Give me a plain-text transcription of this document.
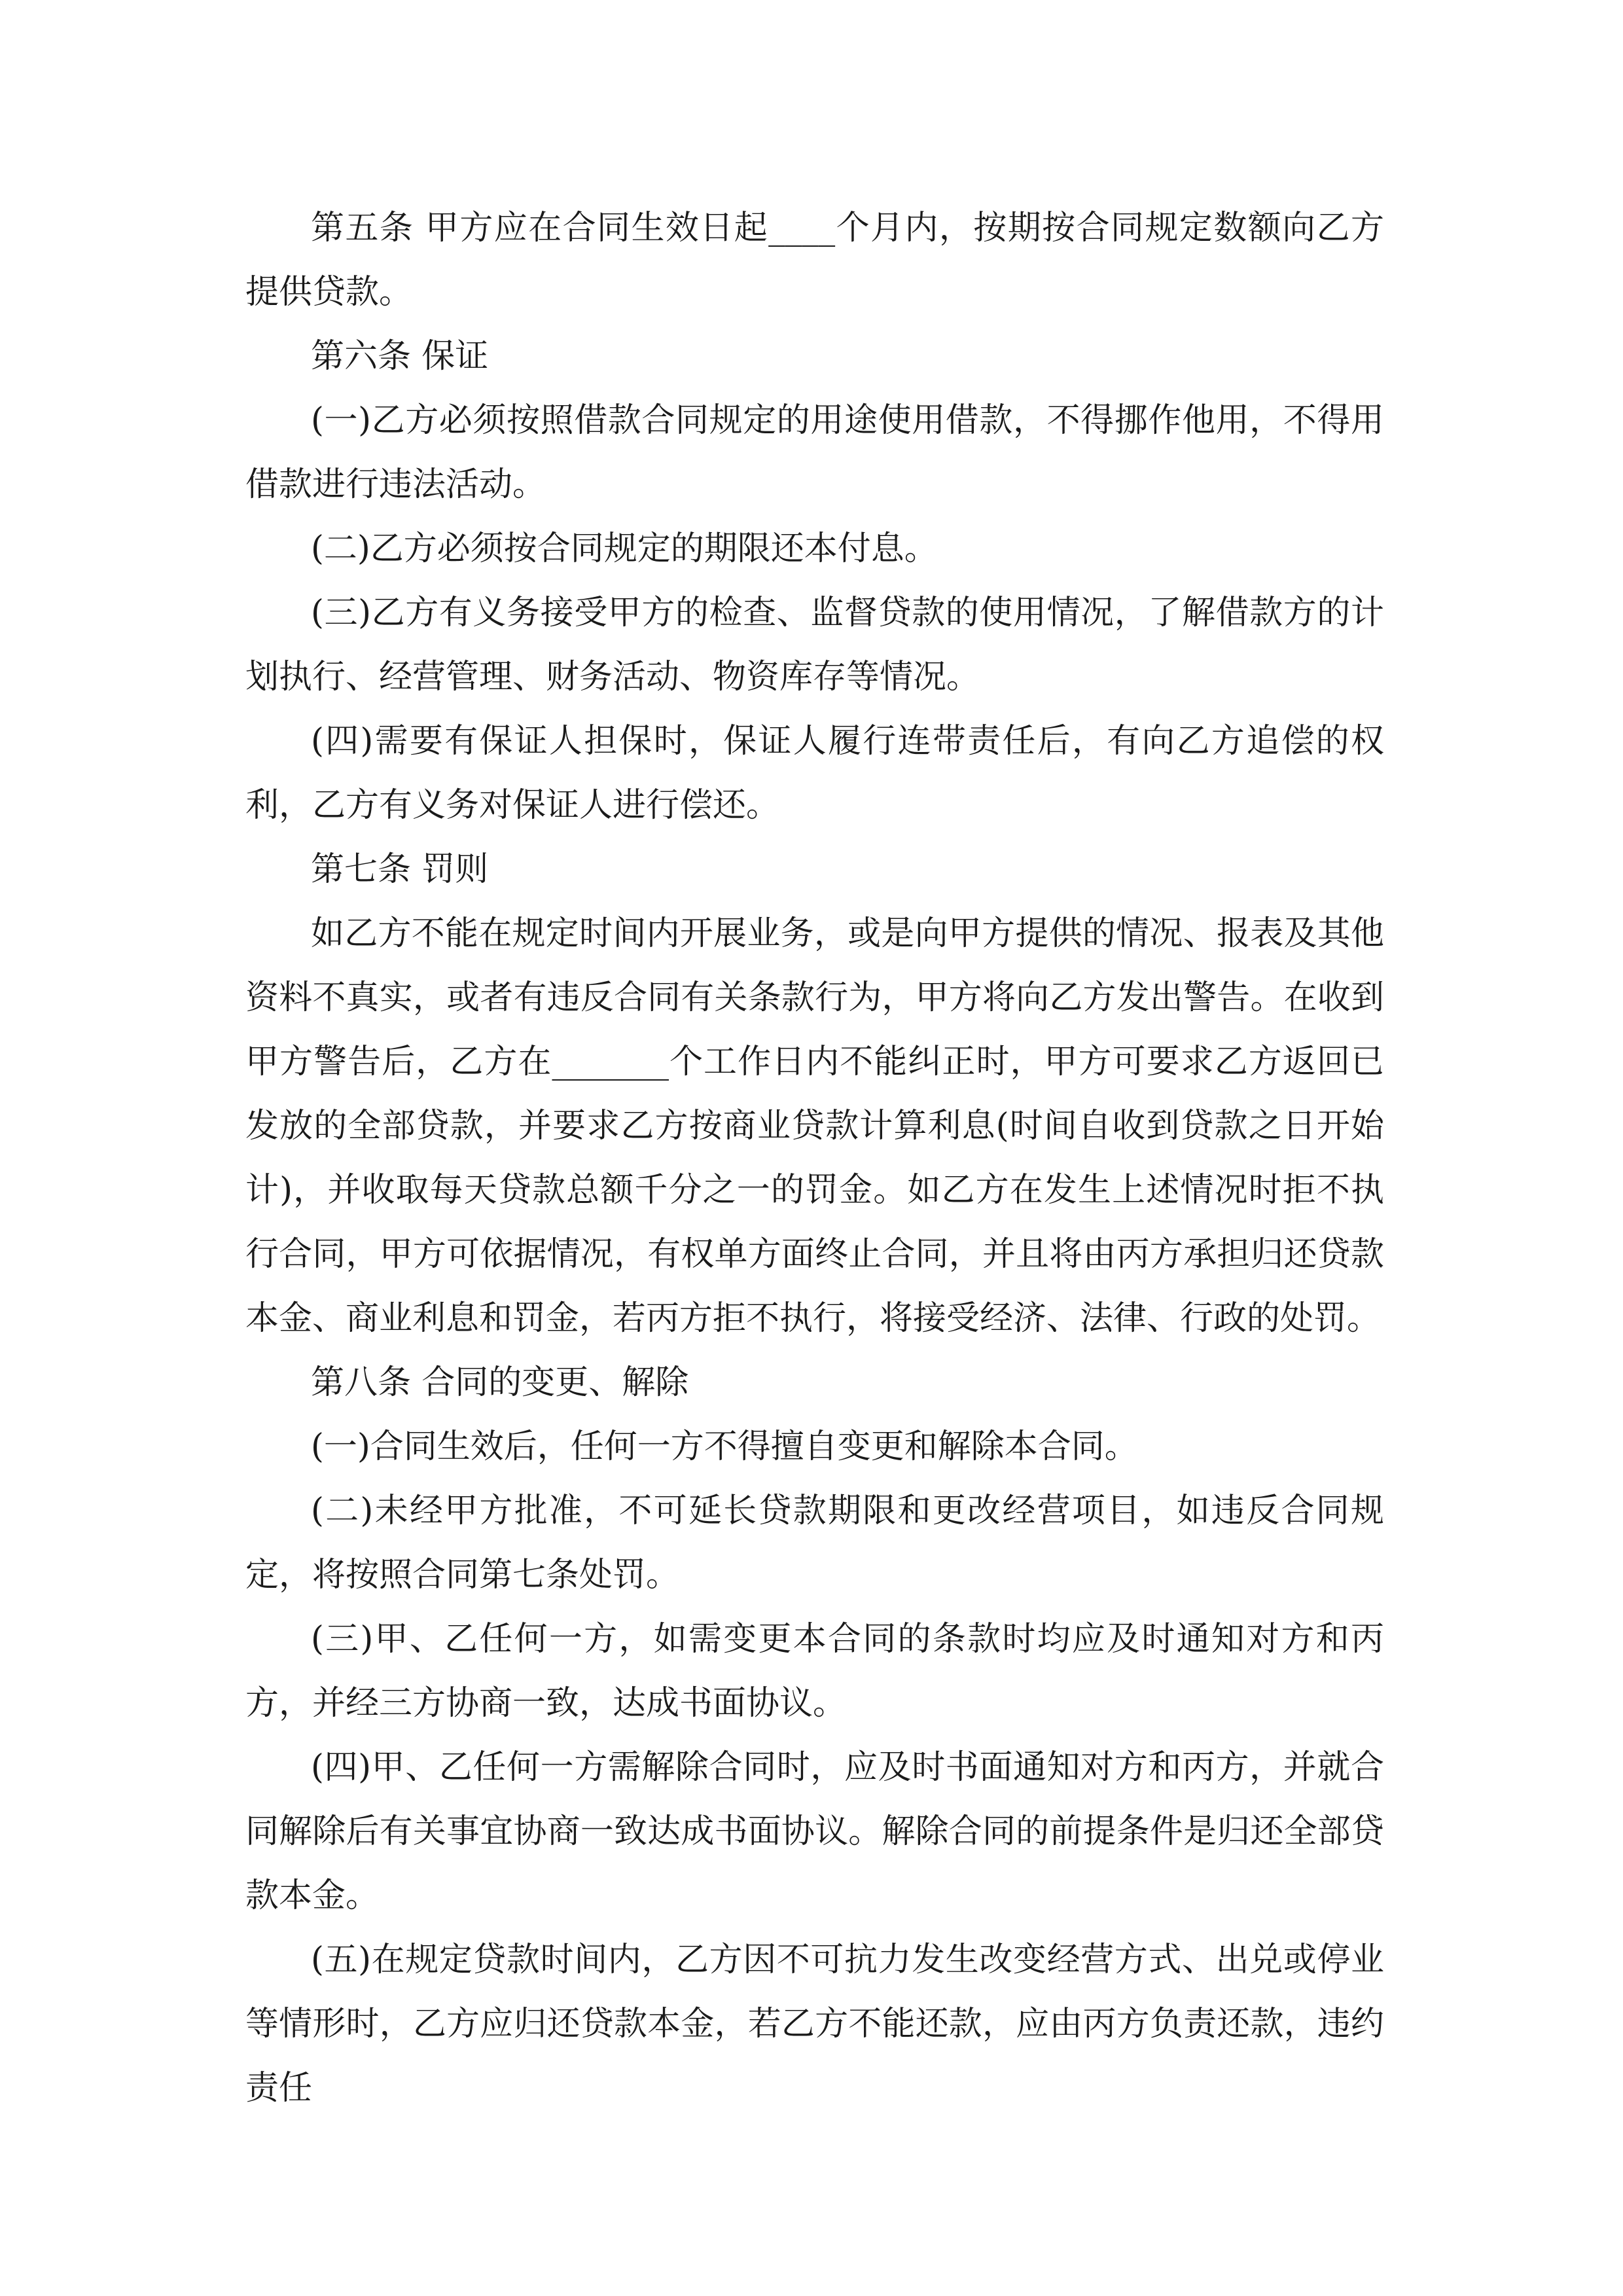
第五条 甲方应在合同生效日起____个月内，按期按合同规定数额向乙方提供贷款。

第六条 保证

(一)乙方必须按照借款合同规定的用途使用借款，不得挪作他用，不得用借款进行违法活动。

(二)乙方必须按合同规定的期限还本付息。

(三)乙方有义务接受甲方的检查、监督贷款的使用情况，了解借款方的计划执行、经营管理、财务活动、物资库存等情况。

(四)需要有保证人担保时，保证人履行连带责任后，有向乙方追偿的权利，乙方有义务对保证人进行偿还。

第七条 罚则

如乙方不能在规定时间内开展业务，或是向甲方提供的情况、报表及其他资料不真实，或者有违反合同有关条款行为，甲方将向乙方发出警告。在收到甲方警告后，乙方在_______个工作日内不能纠正时，甲方可要求乙方返回已发放的全部贷款，并要求乙方按商业贷款计算利息(时间自收到贷款之日开始计)，并收取每天贷款总额千分之一的罚金。如乙方在发生上述情况时拒不执行合同，甲方可依据情况，有权单方面终止合同，并且将由丙方承担归还贷款本金、商业利息和罚金，若丙方拒不执行，将接受经济、法律、行政的处罚。

第八条 合同的变更、解除

(一)合同生效后，任何一方不得擅自变更和解除本合同。

(二)未经甲方批准，不可延长贷款期限和更改经营项目，如违反合同规定，将按照合同第七条处罚。

(三)甲、乙任何一方，如需变更本合同的条款时均应及时通知对方和丙方，并经三方协商一致，达成书面协议。

(四)甲、乙任何一方需解除合同时，应及时书面通知对方和丙方，并就合同解除后有关事宜协商一致达成书面协议。解除合同的前提条件是归还全部贷款本金。

(五)在规定贷款时间内，乙方因不可抗力发生改变经营方式、出兑或停业等情形时，乙方应归还贷款本金，若乙方不能还款，应由丙方负责还款，违约责任
